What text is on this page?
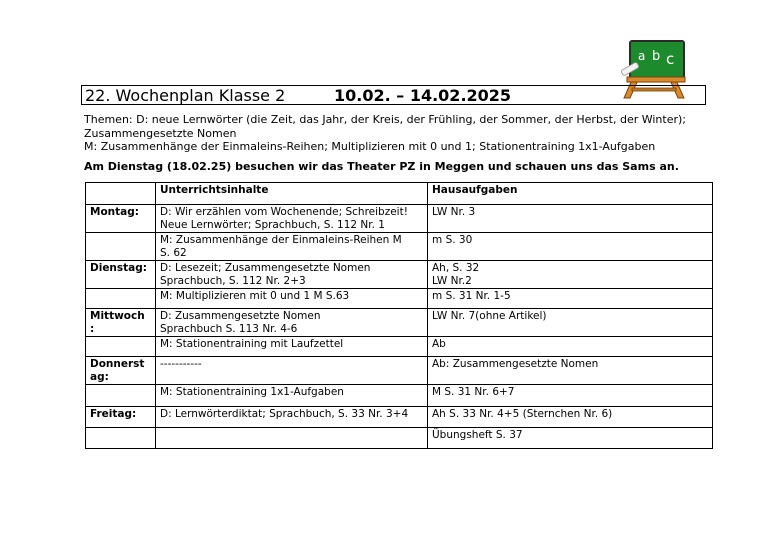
a b c
22. Wochenplan Klasse 2	10.02. – 14.02.2025
Themen: D: neue Lernwörter (die Zeit, das Jahr, der Kreis, der Frühling, der Sommer, der Herbst, der Winter);
Zusammengesetzte Nomen
M: Zusammenhänge der Einmaleins-Reihen; Multiplizieren mit 0 und 1; Stationentraining 1x1-Aufgaben
Am Dienstag (18.02.25) besuchen wir das Theater PZ in Meggen und schauen uns das Sams an.
	Unterrichtsinhalte	Hausaufgaben

Montag:	D: Wir erzählen vom Wochenende; Schreibzeit!
Neue Lernwörter; Sprachbuch, S. 112 Nr. 1	LW Nr. 3

	M: Zusammenhänge der Einmaleins-Reihen M
S. 62	m S. 30

Dienstag:	D: Lesezeit; Zusammengesetzte Nomen
Sprachbuch, S. 112 Nr. 2+3	Ah, S. 32
LW Nr.2

	M: Multiplizieren mit 0 und 1 M S.63	m S. 31 Nr. 1-5

Mittwoch
:	D: Zusammengesetzte Nomen
Sprachbuch S. 113 Nr. 4-6	LW Nr. 7(ohne Artikel)

	M: Stationentraining mit Laufzettel	Ab

Donnerst
ag:	-----------	Ab: Zusammengesetzte Nomen

	M: Stationentraining 1x1-Aufgaben	M S. 31 Nr. 6+7

Freitag:	D: Lernwörterdiktat; Sprachbuch, S. 33 Nr. 3+4	Ah S. 33 Nr. 4+5 (Sternchen Nr. 6)

		Übungsheft S. 37
